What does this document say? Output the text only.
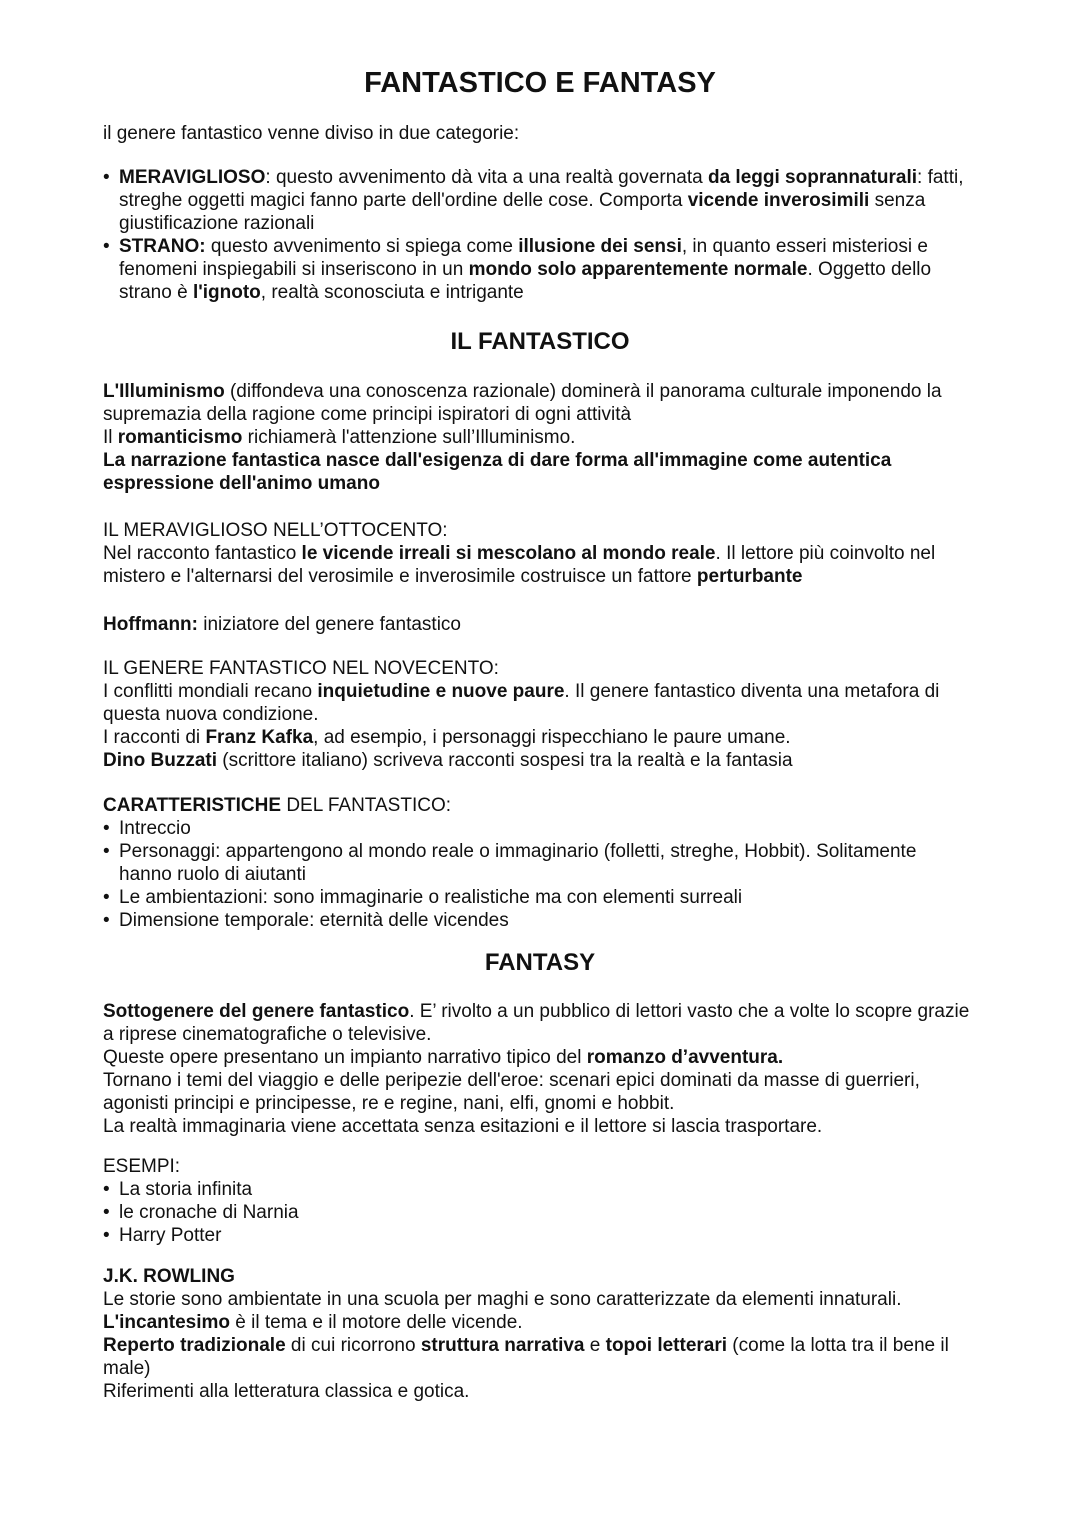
FANTASTICO E FANTASY

il genere fantastico venne diviso in due categorie:

• MERAVIGLIOSO: questo avvenimento dà vita a una realtà governata da leggi soprannaturali: fatti, streghe oggetti magici fanno parte dell'ordine delle cose. Comporta vicende inverosimili senza giustificazione razionali
• STRANO: questo avvenimento si spiega come illusione dei sensi, in quanto esseri misteriosi e fenomeni inspiegabili si inseriscono in un mondo solo apparentemente normale. Oggetto dello strano è l'ignoto, realtà sconosciuta e intrigante
IL FANTASTICO

L'Illuminismo (diffondeva una conoscenza razionale) dominerà il panorama culturale imponendo la supremazia della ragione come principi ispiratori di ogni attività

Il romanticismo richiamerà l'attenzione sull’Illuminismo.

La narrazione fantastica nasce dall'esigenza di dare forma all'immagine come autentica espressione dell'animo umano

IL MERAVIGLIOSO NELL’OTTOCENTO:

Nel racconto fantastico le vicende irreali si mescolano al mondo reale. Il lettore più coinvolto nel mistero e l'alternarsi del verosimile e inverosimile costruisce un fattore perturbante

Hoffmann: iniziatore del genere fantastico

IL GENERE FANTASTICO NEL NOVECENTO:

I conflitti mondiali recano inquietudine e nuove paure. Il genere fantastico diventa una metafora di questa nuova condizione.

I racconti di Franz Kafka, ad esempio, i personaggi rispecchiano le paure umane.

Dino Buzzati (scrittore italiano) scriveva racconti sospesi tra la realtà e la fantasia

CARATTERISTICHE DEL FANTASTICO:

• Intreccio
• Personaggi: appartengono al mondo reale o immaginario (folletti, streghe, Hobbit). Solitamente hanno ruolo di aiutanti
• Le ambientazioni: sono immaginarie o realistiche ma con elementi surreali
• Dimensione temporale: eternità delle vicendes
FANTASY

Sottogenere del genere fantastico. E’ rivolto a un pubblico di lettori vasto che a volte lo scopre grazie a riprese cinematografiche o televisive.

Queste opere presentano un impianto narrativo tipico del romanzo d’avventura.

Tornano i temi del viaggio e delle peripezie dell'eroe: scenari epici dominati da masse di guerrieri, agonisti principi e principesse, re e regine, nani, elfi, gnomi e hobbit.

La realtà immaginaria viene accettata senza esitazioni e il lettore si lascia trasportare.

ESEMPI:

• La storia infinita
• le cronache di Narnia
• Harry Potter

J.K. ROWLING

Le storie sono ambientate in una scuola per maghi e sono caratterizzate da elementi innaturali.

L'incantesimo è il tema e il motore delle vicende.

Reperto tradizionale di cui ricorrono struttura narrativa e topoi letterari (come la lotta tra il bene il male)

Riferimenti alla letteratura classica e gotica.
